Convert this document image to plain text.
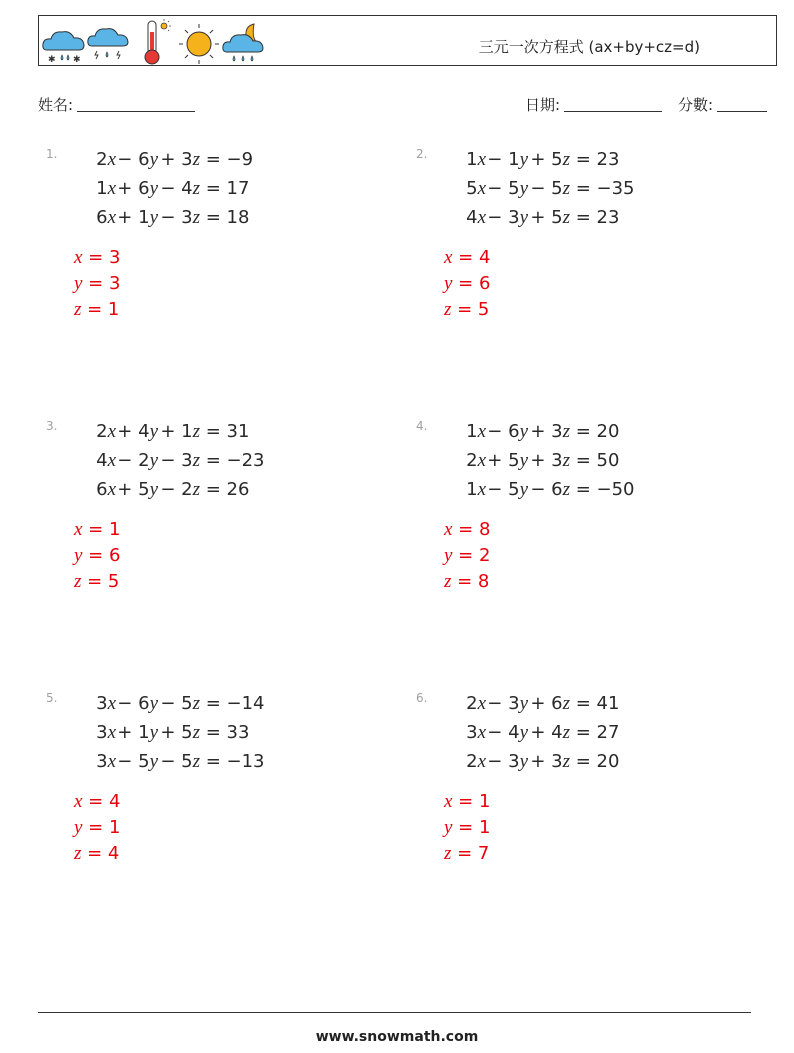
✱ ✱
三元一次方程式 (ax+by+cz=d)
姓名:	日期:	分數:
1.	2x− 6y+ 3z = −9
1x+ 6y− 4z = 17
6x+ 1y− 3z = 18
x = 3
y = 3
z = 1
2.	1x− 1y+ 5z = 23
5x− 5y− 5z = −35
4x− 3y+ 5z = 23
x = 4
y = 6
z = 5
3.	2x+ 4y+ 1z = 31
4x− 2y− 3z = −23
6x+ 5y− 2z = 26
x = 1
y = 6
z = 5
4.	1x− 6y+ 3z = 20
2x+ 5y+ 3z = 50
1x− 5y− 6z = −50
x = 8
y = 2
z = 8
5.	3x− 6y− 5z = −14
3x+ 1y+ 5z = 33
3x− 5y− 5z = −13
x = 4
y = 1
z = 4
6.	2x− 3y+ 6z = 41
3x− 4y+ 4z = 27
2x− 3y+ 3z = 20
x = 1
y = 1
z = 7
www.snowmath.com
